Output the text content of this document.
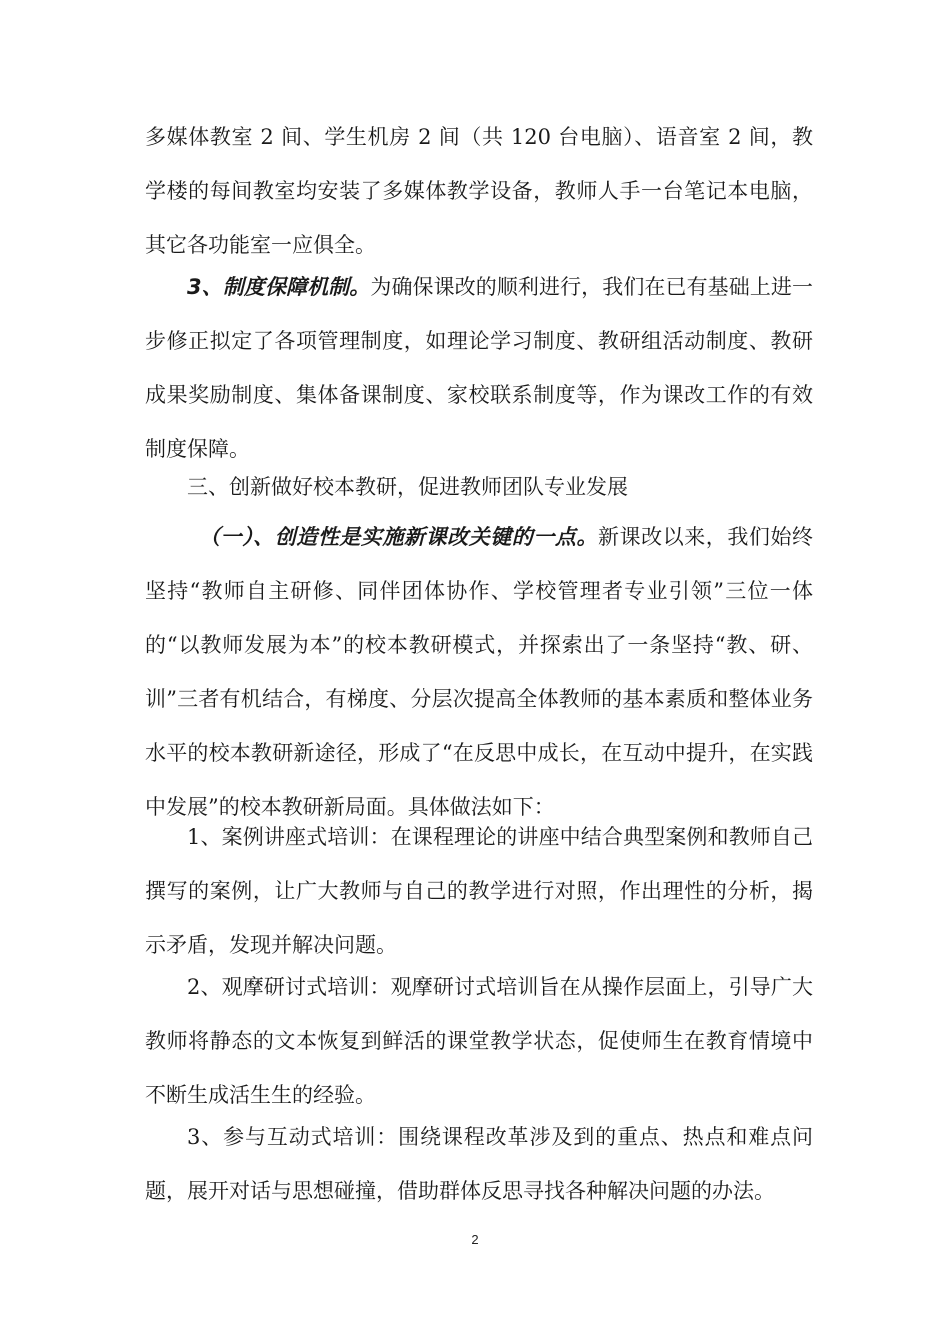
多媒体教室 2 间、学生机房 2 间（共 120 台电脑）、语音室 2 间，教学楼的每间教室均安装了多媒体教学设备，教师人手一台笔记本电脑，其它各功能室一应俱全。

3、制度保障机制。为确保课改的顺利进行，我们在已有基础上进一步修正拟定了各项管理制度，如理论学习制度、教研组活动制度、教研成果奖励制度、集体备课制度、家校联系制度等，作为课改工作的有效制度保障。

三、创新做好校本教研，促进教师团队专业发展

（一）、创造性是实施新课改关键的一点。新课改以来，我们始终坚持“教师自主研修、同伴团体协作、学校管理者专业引领”三位一体的“以教师发展为本”的校本教研模式，并探索出了一条坚持“教、研、训”三者有机结合，有梯度、分层次提高全体教师的基本素质和整体业务水平的校本教研新途径，形成了“在反思中成长，在互动中提升，在实践中发展”的校本教研新局面。具体做法如下：

1、案例讲座式培训：在课程理论的讲座中结合典型案例和教师自己撰写的案例，让广大教师与自己的教学进行对照，作出理性的分析，揭示矛盾，发现并解决问题。

2、观摩研讨式培训：观摩研讨式培训旨在从操作层面上，引导广大教师将静态的文本恢复到鲜活的课堂教学状态，促使师生在教育情境中不断生成活生生的经验。

3、参与互动式培训：围绕课程改革涉及到的重点、热点和难点问题，展开对话与思想碰撞，借助群体反思寻找各种解决问题的办法。

2
